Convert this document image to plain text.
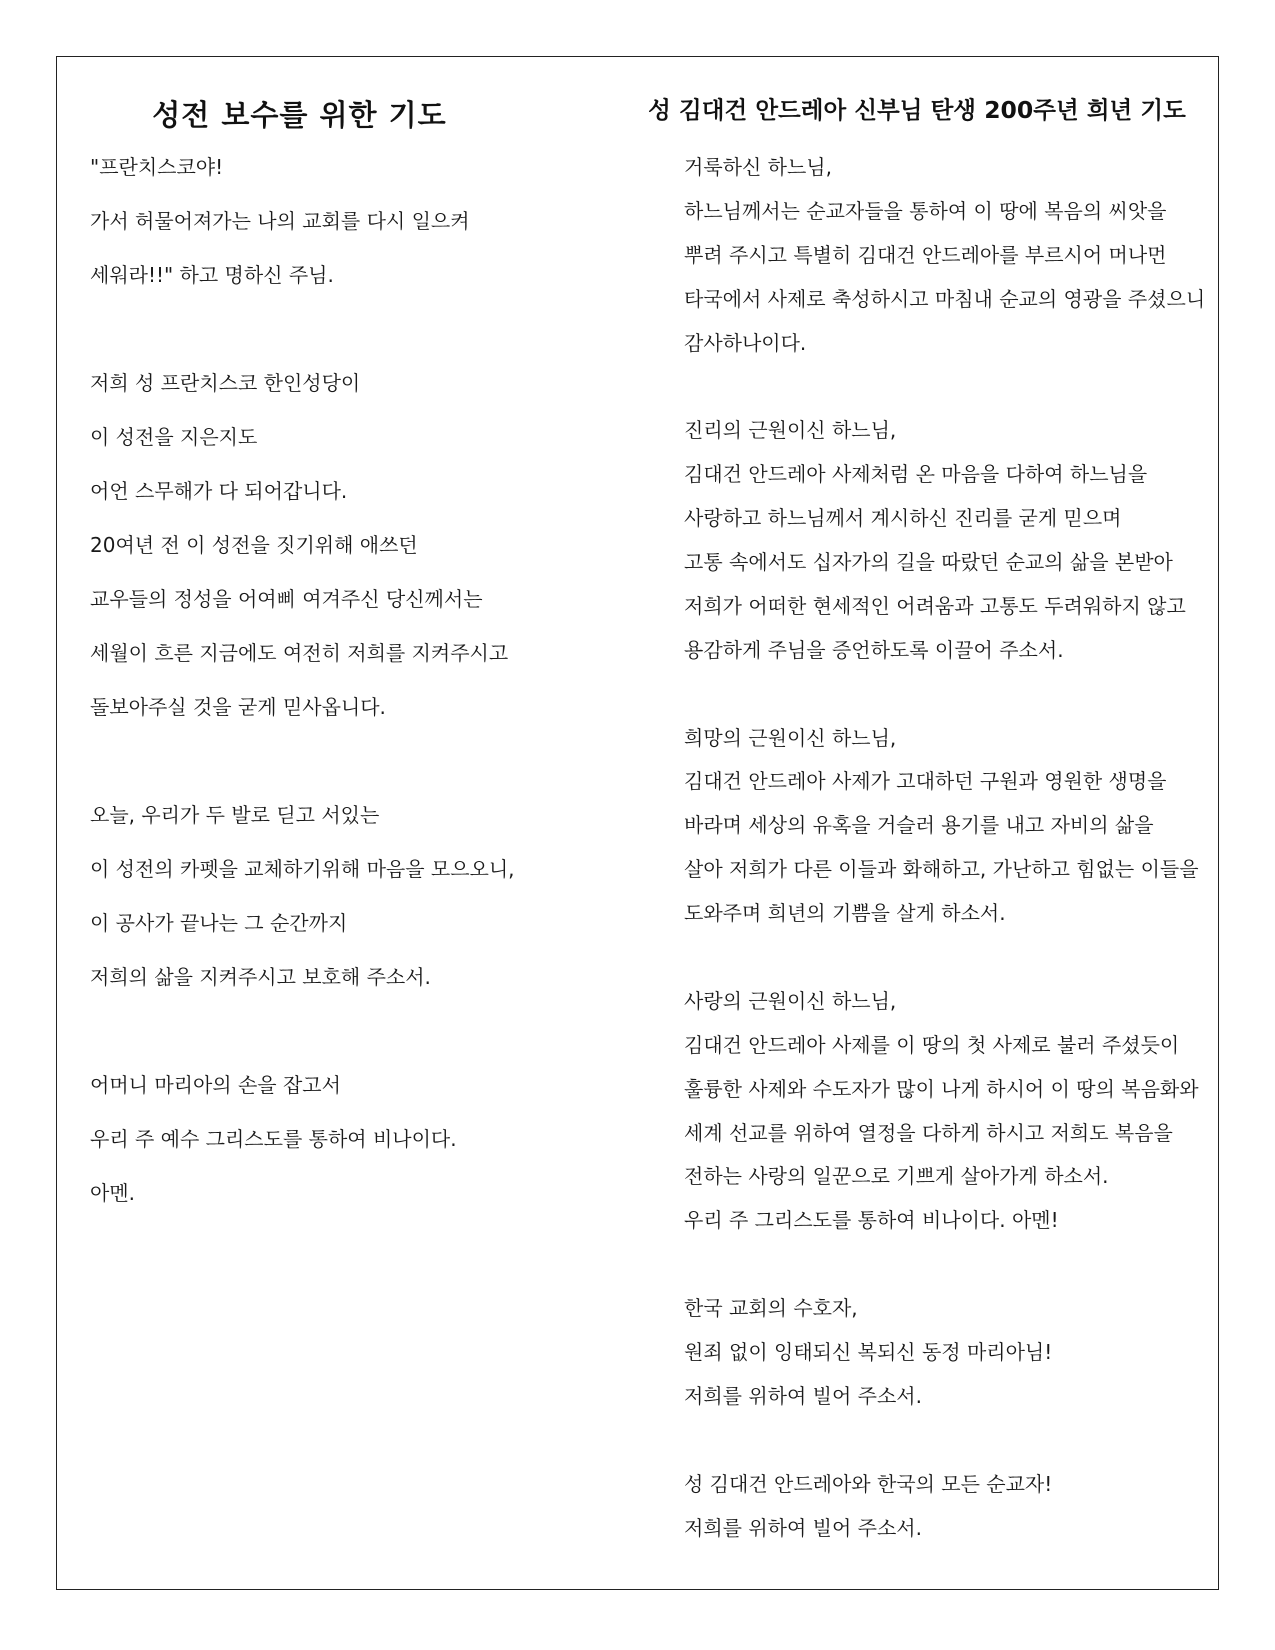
성전 보수를 위한 기도
"프란치스코야!
가서 허물어져가는 나의 교회를 다시 일으켜
세워라!!" 하고 명하신 주님.
저희 성 프란치스코 한인성당이
이 성전을 지은지도
어언 스무해가 다 되어갑니다.
20여년 전 이 성전을 짓기위해 애쓰던
교우들의 정성을 어여삐 여겨주신 당신께서는
세월이 흐른 지금에도 여전히 저희를 지켜주시고
돌보아주실 것을 굳게 믿사옵니다.
오늘, 우리가 두 발로 딛고 서있는
이 성전의 카펫을 교체하기위해 마음을 모으오니,
이 공사가 끝나는 그 순간까지
저희의 삶을 지켜주시고 보호해 주소서.
어머니 마리아의 손을 잡고서
우리 주 예수 그리스도를 통하여 비나이다.
아멘.
성 김대건 안드레아 신부님 탄생 200주년 희년 기도
거룩하신 하느님,
하느님께서는 순교자들을 통하여 이 땅에 복음의 씨앗을
뿌려 주시고 특별히 김대건 안드레아를 부르시어 머나먼
타국에서 사제로 축성하시고 마침내 순교의 영광을 주셨으니
감사하나이다.
진리의 근원이신 하느님,
김대건 안드레아 사제처럼 온 마음을 다하여 하느님을
사랑하고 하느님께서 계시하신 진리를 굳게 믿으며
고통 속에서도 십자가의 길을 따랐던 순교의 삶을 본받아
저희가 어떠한 현세적인 어려움과 고통도 두려워하지 않고
용감하게 주님을 증언하도록 이끌어 주소서.
희망의 근원이신 하느님,
김대건 안드레아 사제가 고대하던 구원과 영원한 생명을
바라며 세상의 유혹을 거슬러 용기를 내고 자비의 삶을
살아 저희가 다른 이들과 화해하고, 가난하고 힘없는 이들을
도와주며 희년의 기쁨을 살게 하소서.
사랑의 근원이신 하느님,
김대건 안드레아 사제를 이 땅의 첫 사제로 불러 주셨듯이
훌륭한 사제와 수도자가 많이 나게 하시어 이 땅의 복음화와
세계 선교를 위하여 열정을 다하게 하시고 저희도 복음을
전하는 사랑의 일꾼으로 기쁘게 살아가게 하소서.
우리 주 그리스도를 통하여 비나이다. 아멘!
한국 교회의 수호자,
원죄 없이 잉태되신 복되신 동정 마리아님!
저희를 위하여 빌어 주소서.
성 김대건 안드레아와 한국의 모든 순교자!
저희를 위하여 빌어 주소서.
